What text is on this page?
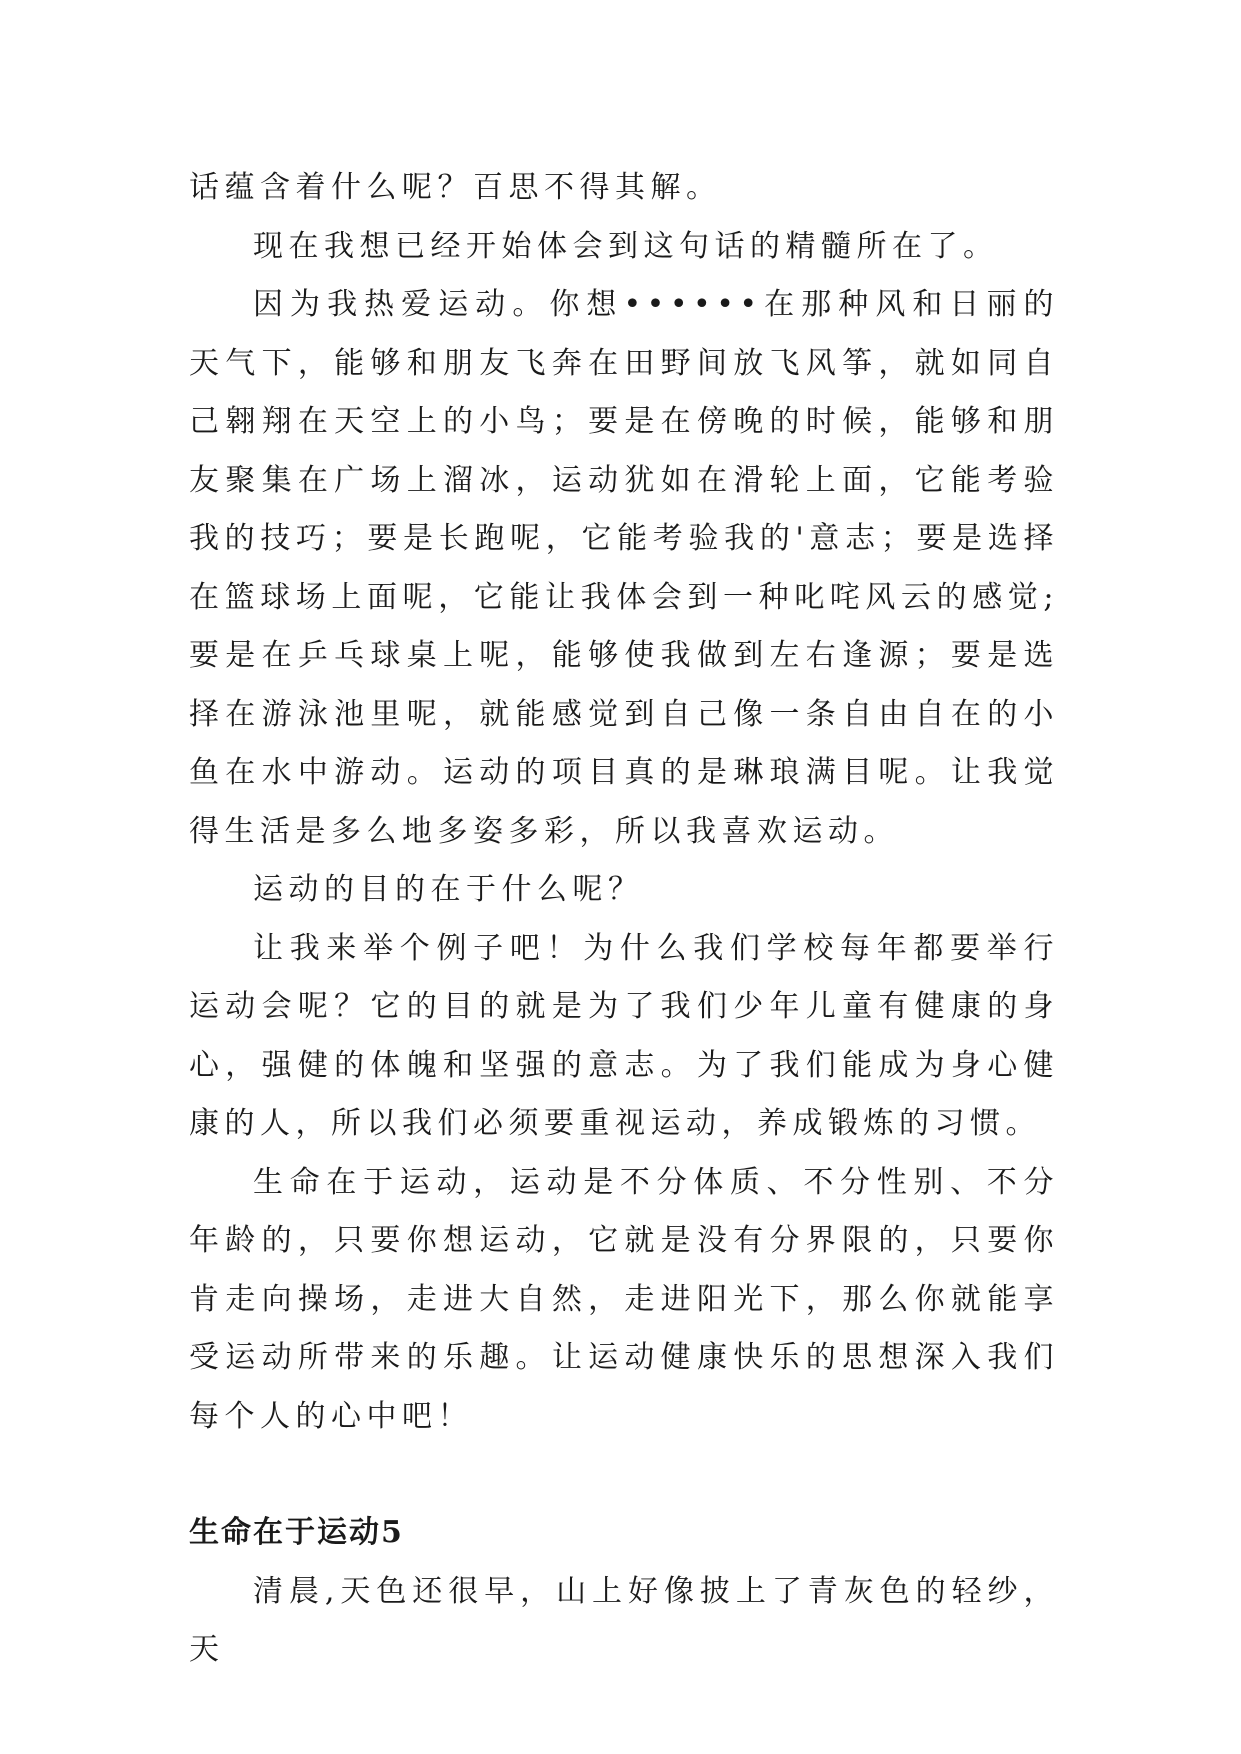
话蕴含着什么呢？百思不得其解。

现在我想已经开始体会到这句话的精髓所在了。

因为我热爱运动。你想••••••在那种风和日丽的天气下，能够和朋友飞奔在田野间放飞风筝，就如同自己翱翔在天空上的小鸟；要是在傍晚的时候，能够和朋友聚集在广场上溜冰，运动犹如在滑轮上面，它能考验我的技巧；要是长跑呢，它能考验我的'意志；要是选择在篮球场上面呢，它能让我体会到一种叱咤风云的感觉;要是在乒乓球桌上呢，能够使我做到左右逢源；要是选择在游泳池里呢，就能感觉到自己像一条自由自在的小鱼在水中游动。运动的项目真的是琳琅满目呢。让我觉得生活是多么地多姿多彩，所以我喜欢运动。

运动的目的在于什么呢？

让我来举个例子吧！为什么我们学校每年都要举行运动会呢？它的目的就是为了我们少年儿童有健康的身心，强健的体魄和坚强的意志。为了我们能成为身心健康的人，所以我们必须要重视运动，养成锻炼的习惯。

生命在于运动，运动是不分体质、不分性别、不分年龄的，只要你想运动，它就是没有分界限的，只要你肯走向操场，走进大自然，走进阳光下，那么你就能享受运动所带来的乐趣。让运动健康快乐的思想深入我们每个人的心中吧！

生命在于运动5

清晨,天色还很早，山上好像披上了青灰色的轻纱，天
